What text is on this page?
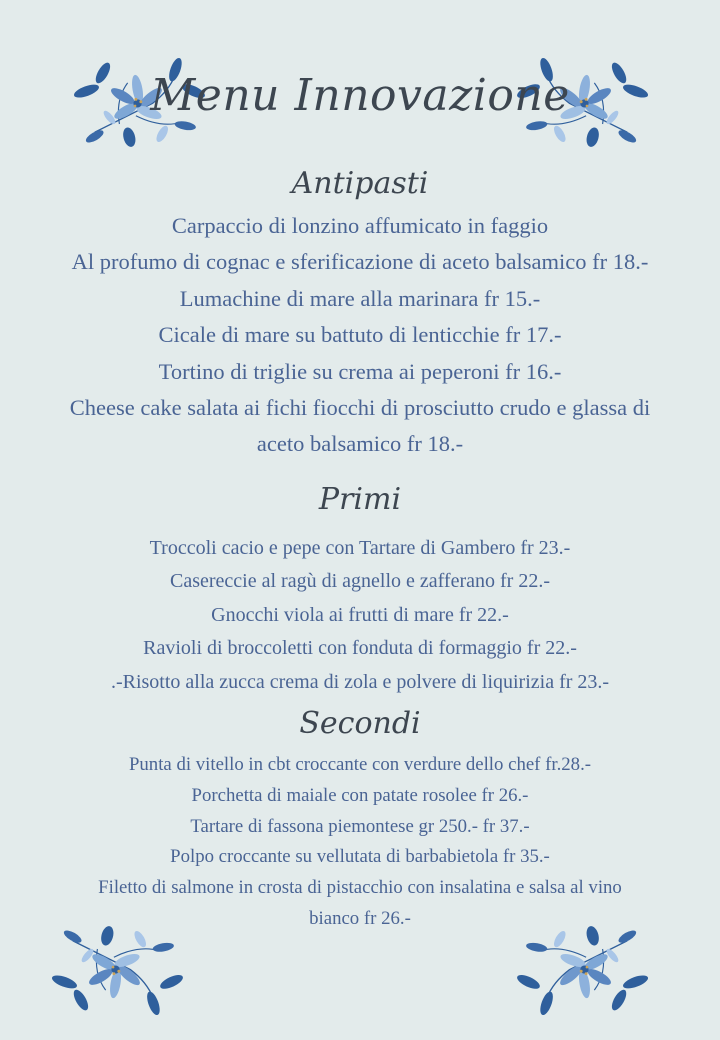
Menu Innovazione
Antipasti
Carpaccio di lonzino affumicato in faggio
Al profumo di cognac e sferificazione di aceto balsamico fr 18.-
Lumachine di mare alla marinara fr 15.-
Cicale di mare su battuto di lenticchie fr 17.-
Tortino di triglie su crema ai peperoni fr 16.-
Cheese cake salata ai fichi fiocchi di prosciutto crudo e glassa di
aceto balsamico fr 18.-
Primi
Troccoli cacio e pepe con Tartare di Gambero fr 23.-
Casereccie al ragù di agnello e zafferano fr 22.-
Gnocchi viola ai frutti di mare fr 22.-
Ravioli di broccoletti con fonduta di formaggio fr 22.-
.-Risotto alla zucca crema di zola e polvere di liquirizia fr 23.-
Secondi
Punta di vitello in cbt croccante con verdure dello chef fr.28.-
Porchetta di maiale con patate rosolee fr 26.-
Tartare di fassona piemontese gr 250.- fr 37.-
Polpo croccante su vellutata di barbabietola fr 35.-
Filetto di salmone in crosta di pistacchio con insalatina e salsa al vino
bianco fr 26.-
